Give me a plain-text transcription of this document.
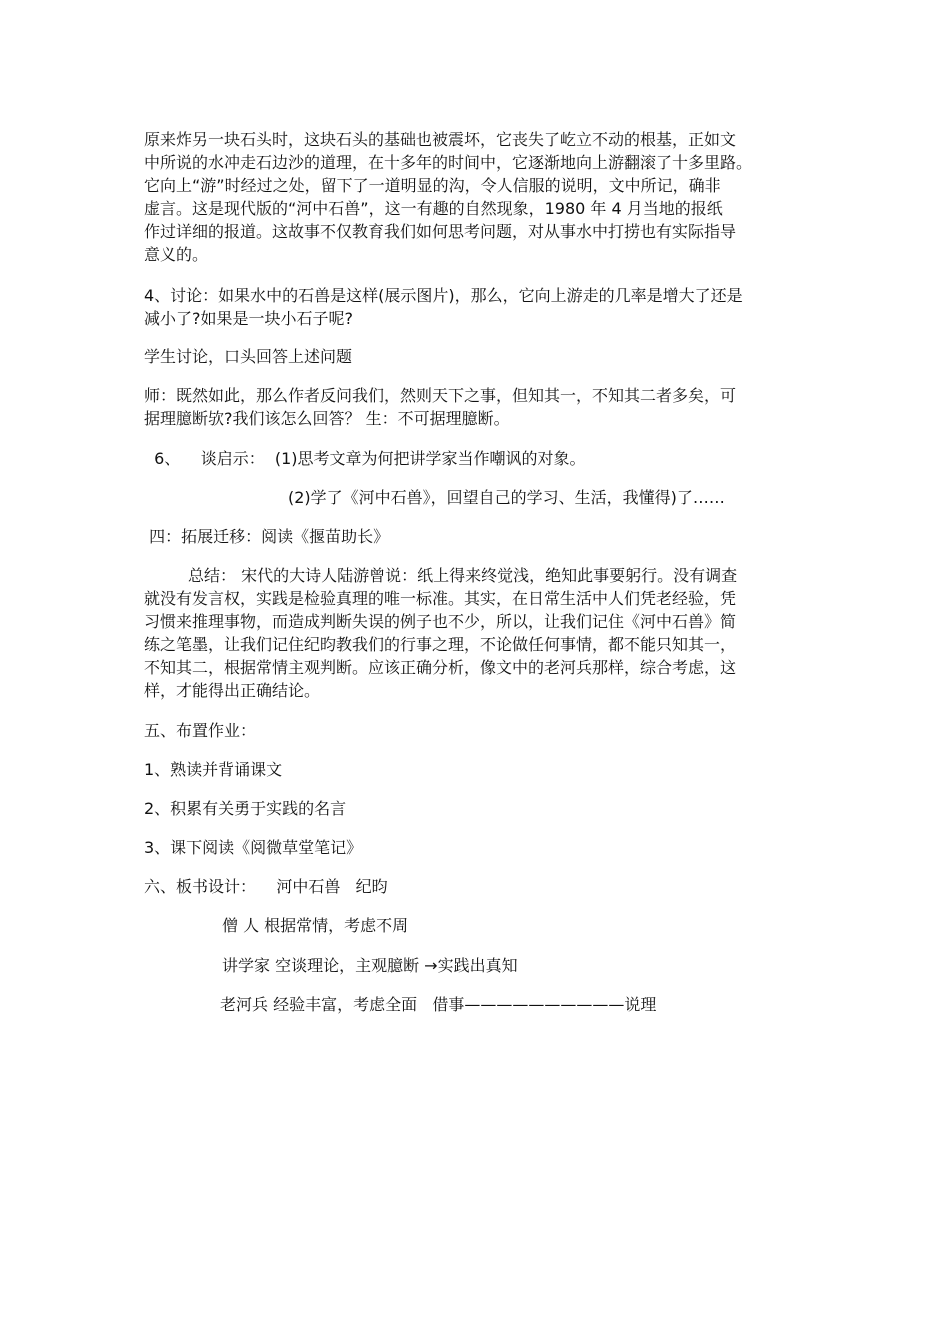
原来炸另一块石头时，这块石头的基础也被震坏，它丧失了屹立不动的根基，正如文
中所说的水冲走石边沙的道理，在十多年的时间中，它逐渐地向上游翻滚了十多里路。
它向上“游”时经过之处，留下了一道明显的沟，令人信服的说明，文中所记，确非
虚言。这是现代版的“河中石兽”，这一有趣的自然现象，1980 年 4 月当地的报纸
作过详细的报道。这故事不仅教育我们如何思考问题，对从事水中打捞也有实际指导
意义的。

4、讨论：如果水中的石兽是这样(展示图片)，那么，它向上游走的几率是增大了还是
减小了?如果是一块小石子呢?

学生讨论，口头回答上述问题

师：既然如此，那么作者反问我们，然则天下之事，但知其一，不知其二者多矣，可
据理臆断欤?我们该怎么回答？ 生：不可据理臆断。

6、    谈启示：  (1)思考文章为何把讲学家当作嘲讽的对象。

(2)学了《河中石兽》，回望自己的学习、生活，我懂得)了……

四：拓展迁移：阅读《揠苗助长》

总结： 宋代的大诗人陆游曾说：纸上得来终觉浅，绝知此事要躬行。没有调查
就没有发言权，实践是检验真理的唯一标准。其实，在日常生活中人们凭老经验，凭
习惯来推理事物，而造成判断失误的例子也不少，所以，让我们记住《河中石兽》简
练之笔墨，让我们记住纪昀教我们的行事之理，不论做任何事情，都不能只知其一，
不知其二，根据常情主观判断。应该正确分析，像文中的老河兵那样，综合考虑，这
样，才能得出正确结论。

五、布置作业：

1、熟读并背诵课文

2、积累有关勇于实践的名言

3、课下阅读《阅微草堂笔记》

六、板书设计：    河中石兽   纪昀

僧 人 根据常情，考虑不周

讲学家 空谈理论，主观臆断 →实践出真知

老河兵 经验丰富，考虑全面   借事——————————说理
